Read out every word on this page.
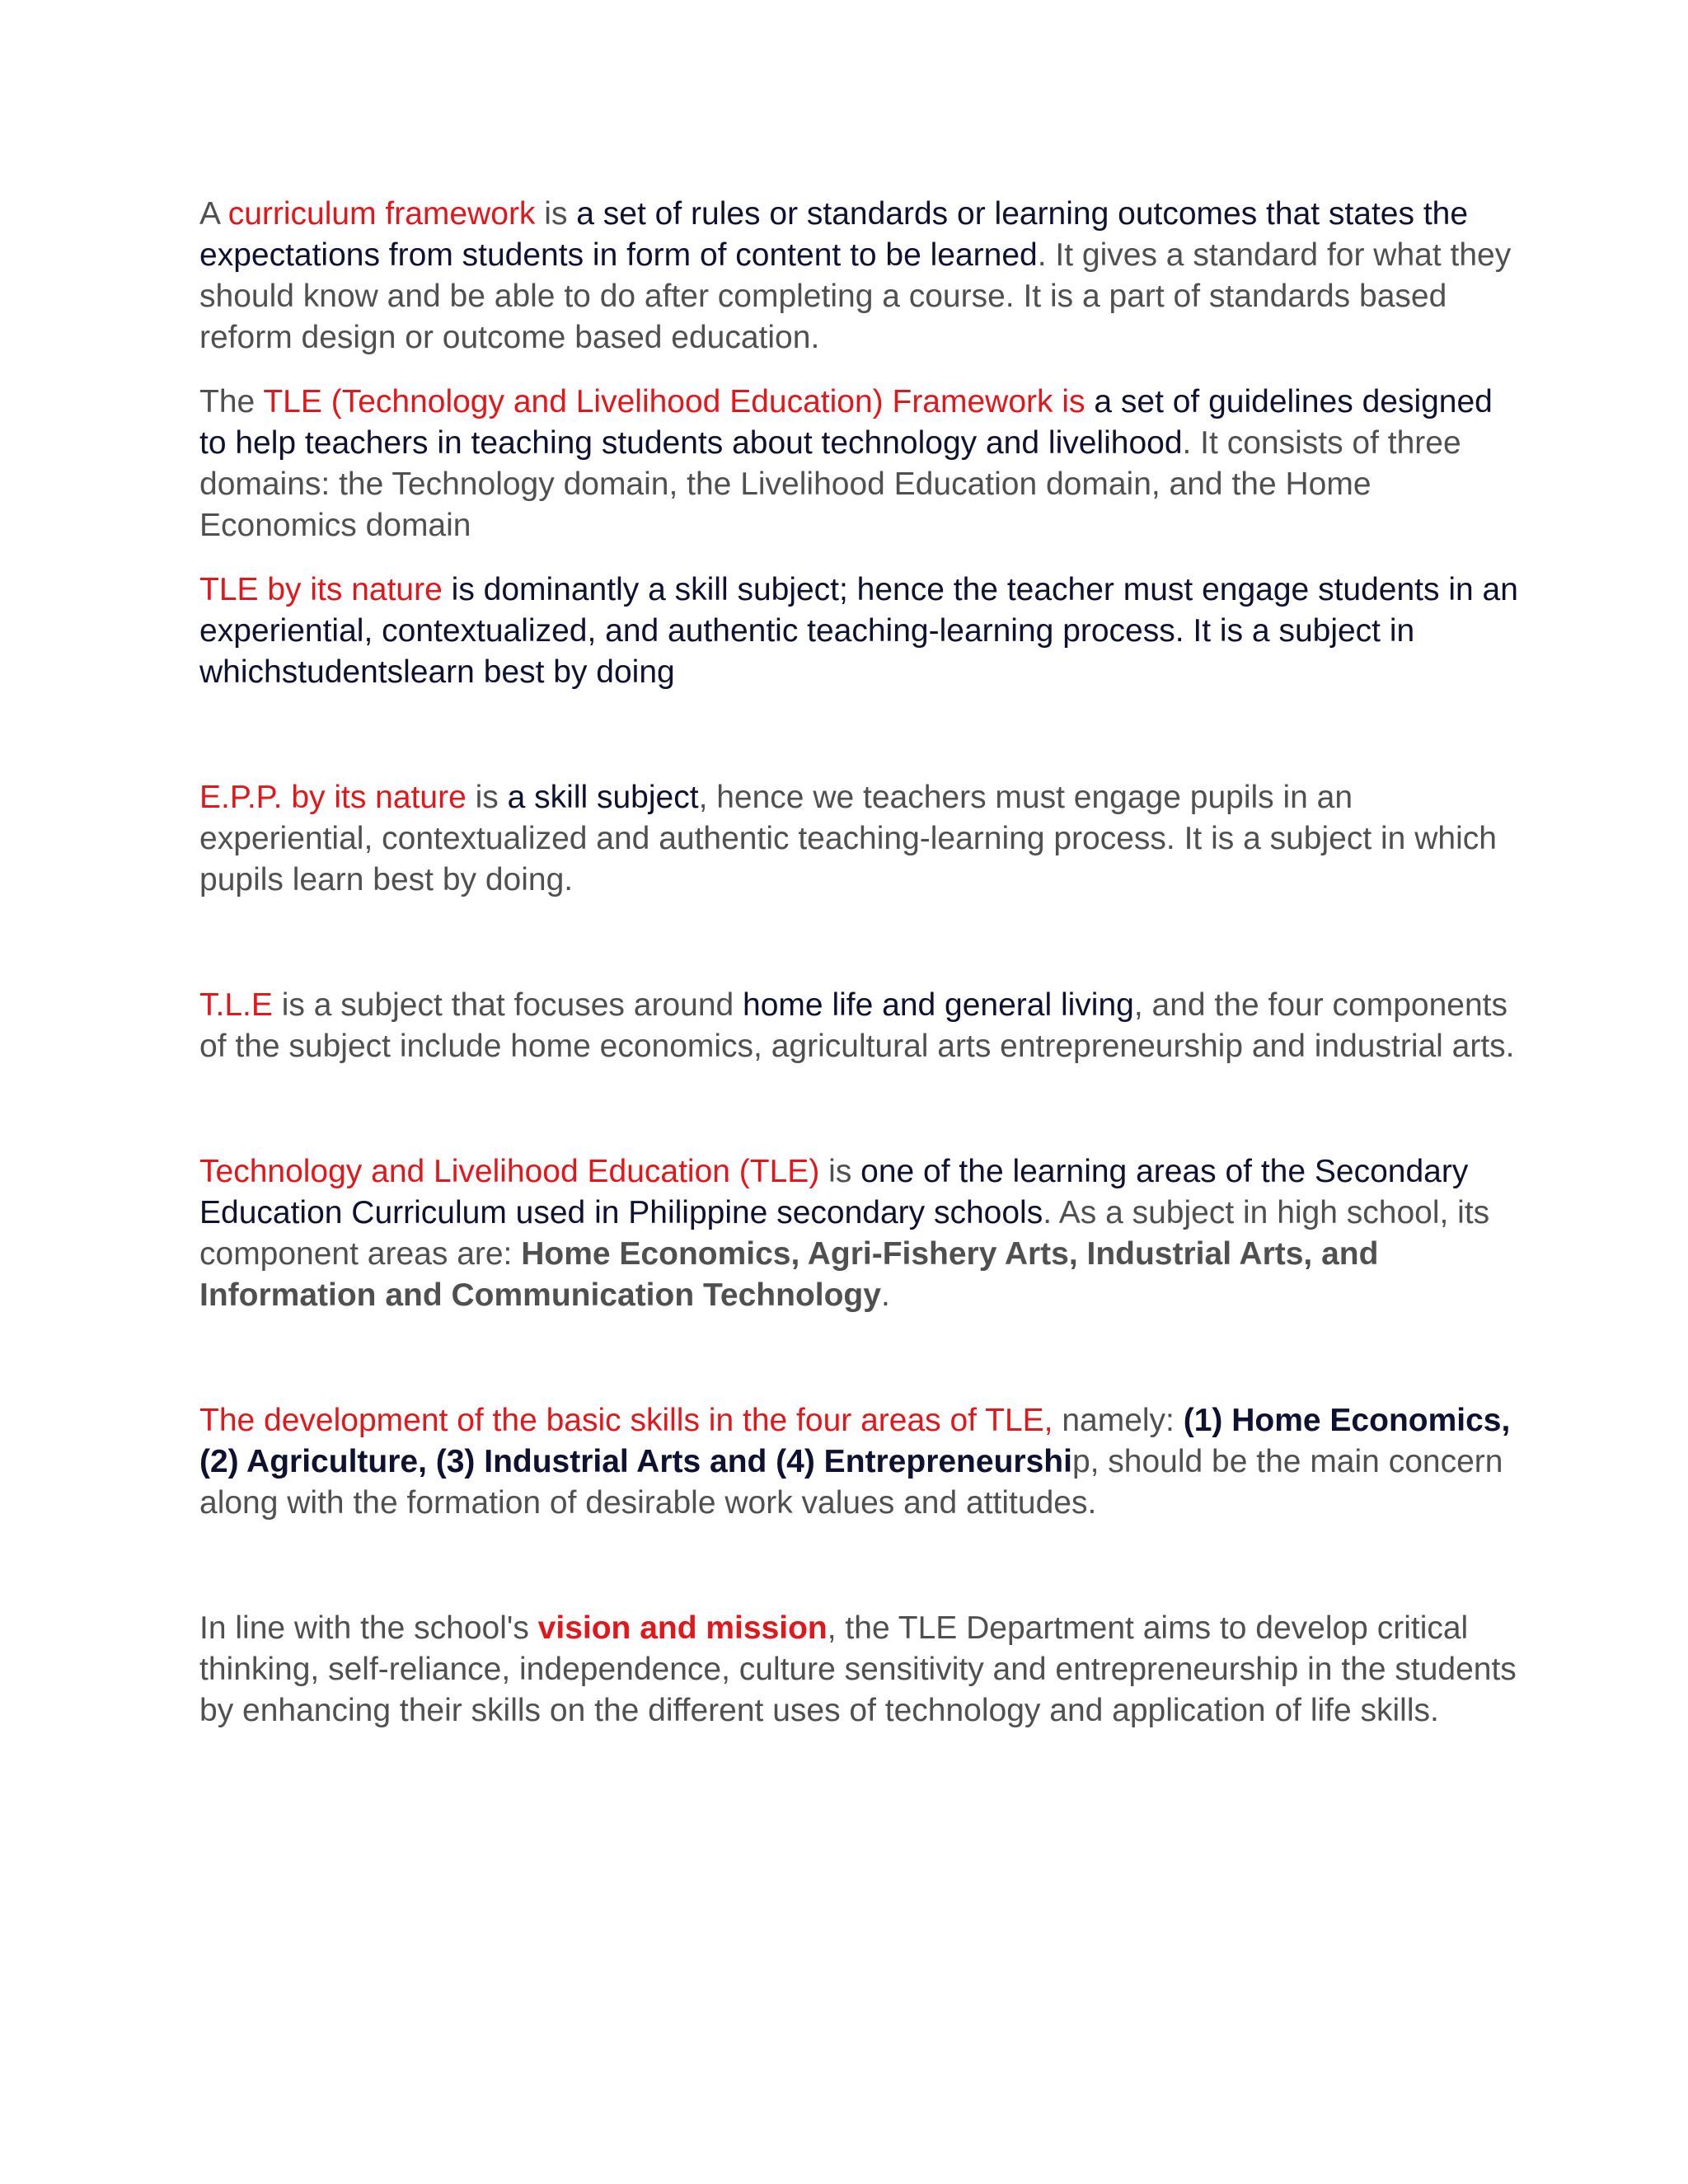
A curriculum framework is a set of rules or standards or learning outcomes that states the expectations from students in form of content to be learned. It gives a standard for what they should know and be able to do after completing a course. It is a part of standards based reform design or outcome based education.

The TLE (Technology and Livelihood Education) Framework is a set of guidelines designed to help teachers in teaching students about technology and livelihood. It consists of three domains: the Technology domain, the Livelihood Education domain, and the Home Economics domain

TLE by its nature is dominantly a skill subject; hence the teacher must engage students in an experiential, contextualized, and authentic teaching-learning process. It is a subject in whichstudentslearn best by doing

E.P.P. by its nature is a skill subject, hence we teachers must engage pupils in an experiential, contextualized and authentic teaching-learning process. It is a subject in which pupils learn best by doing.

T.L.E is a subject that focuses around home life and general living, and the four components of the subject include home economics, agricultural arts entrepreneurship and industrial arts.

Technology and Livelihood Education (TLE) is one of the learning areas of the Secondary Education Curriculum used in Philippine secondary schools. As a subject in high school, its component areas are: Home Economics, Agri-Fishery Arts, Industrial Arts, and Information and Communication Technology.

The development of the basic skills in the four areas of TLE, namely: (1) Home Economics, (2) Agriculture, (3) Industrial Arts and (4) Entrepreneurship, should be the main concern along with the formation of desirable work values and attitudes.

In line with the school's vision and mission, the TLE Department aims to develop critical thinking, self-reliance, independence, culture sensitivity and entrepreneurship in the students by enhancing their skills on the different uses of technology and application of life skills.
